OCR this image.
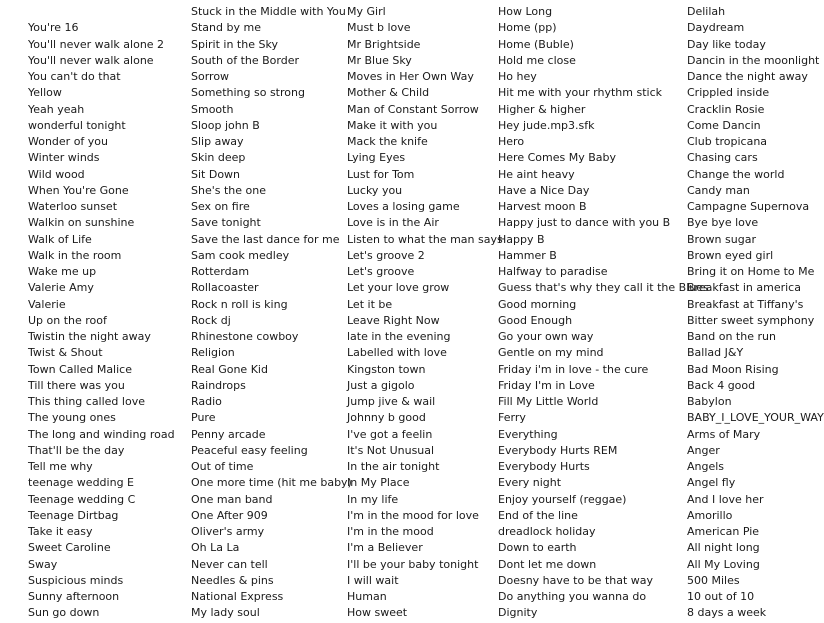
You're 16
You'll never walk alone 2
You'll never walk alone
You can't do that
Yellow
Yeah yeah
wonderful tonight
Wonder of you
Winter winds
Wild wood
When You're Gone
Waterloo sunset
Walkin on sunshine
Walk of Life
Walk in the room
Wake me up
Valerie Amy
Valerie
Up on the roof
Twistin the night away
Twist & Shout
Town Called Malice
Till there was you
This thing called love
The young ones
The long and winding road
That'll be the day
Tell me why
teenage wedding E
Teenage wedding C
Teenage Dirtbag
Take it easy
Sweet Caroline
Sway
Suspicious minds
Sunny afternoon
Sun go down
Stuck in the Middle with You
Stand by me
Spirit in the Sky
South of the Border
Sorrow
Something so strong
Smooth
Sloop john B
Slip away
Skin deep
Sit Down
She's the one
Sex on fire
Save tonight
Save the last dance for me
Sam cook medley
Rotterdam
Rollacoaster
Rock n roll is king
Rock dj
Rhinestone cowboy
Religion
Real Gone Kid
Raindrops
Radio
Pure
Penny arcade
Peaceful easy feeling
Out of time
One more time (hit me baby)
One man band
One After 909
Oliver's army
Oh La La
Never can tell
Needles & pins
National Express
My lady soul
My Girl
Must b love
Mr Brightside
Mr Blue Sky
Moves in Her Own Way
Mother & Child
Man of Constant Sorrow
Make it with you
Mack the knife
Lying Eyes
Lust for Tom
Lucky you
Loves a losing game
Love is in the Air
Listen to what the man says
Let's groove 2
Let's groove
Let your love grow
Let it be
Leave Right Now
late in the evening
Labelled with love
Kingston town
Just a gigolo
Jump jive & wail
Johnny b good
I've got a feelin
It's Not Unusual
In the air tonight
In My Place
In my life
I'm in the mood for love
I'm in the mood
I'm a Believer
I'll be your baby tonight
I will wait
Human
How sweet
How Long
Home (pp)
Home (Buble)
Hold me close
Ho hey
Hit me with your rhythm stick
Higher & higher
Hey jude.mp3.sfk
Hero
Here Comes My Baby
He aint heavy
Have a Nice Day
Harvest moon B
Happy just to dance with you B
Happy B
Hammer B
Halfway to paradise
Guess that's why they call it the Blues
Good morning
Good Enough
Go your own way
Gentle on my mind
Friday i'm in love - the cure
Friday I'm in Love
Fill My Little World
Ferry
Everything
Everybody Hurts REM
Everybody Hurts
Every night
Enjoy yourself (reggae)
End of the line
dreadlock holiday
Down to earth
Dont let me down
Doesny have to be that way
Do anything you wanna do
Dignity
Delilah
Daydream
Day like today
Dancin in the moonlight
Dance the night away
Crippled inside
Cracklin Rosie
Come Dancin
Club tropicana
Chasing cars
Change the world
Candy man
Campagne Supernova
Bye bye love
Brown sugar
Brown eyed girl
Bring it on Home to Me
Breakfast in america
Breakfast at Tiffany's
Bitter sweet symphony
Band on the run
Ballad J&Y
Bad Moon Rising
Back 4 good
Babylon
BABY_I_LOVE_YOUR_WAY
Arms of Mary
Anger
Angels
Angel fly
And I love her
Amorillo
American Pie
All night long
All My Loving
500 Miles
10 out of 10
8 days a week
